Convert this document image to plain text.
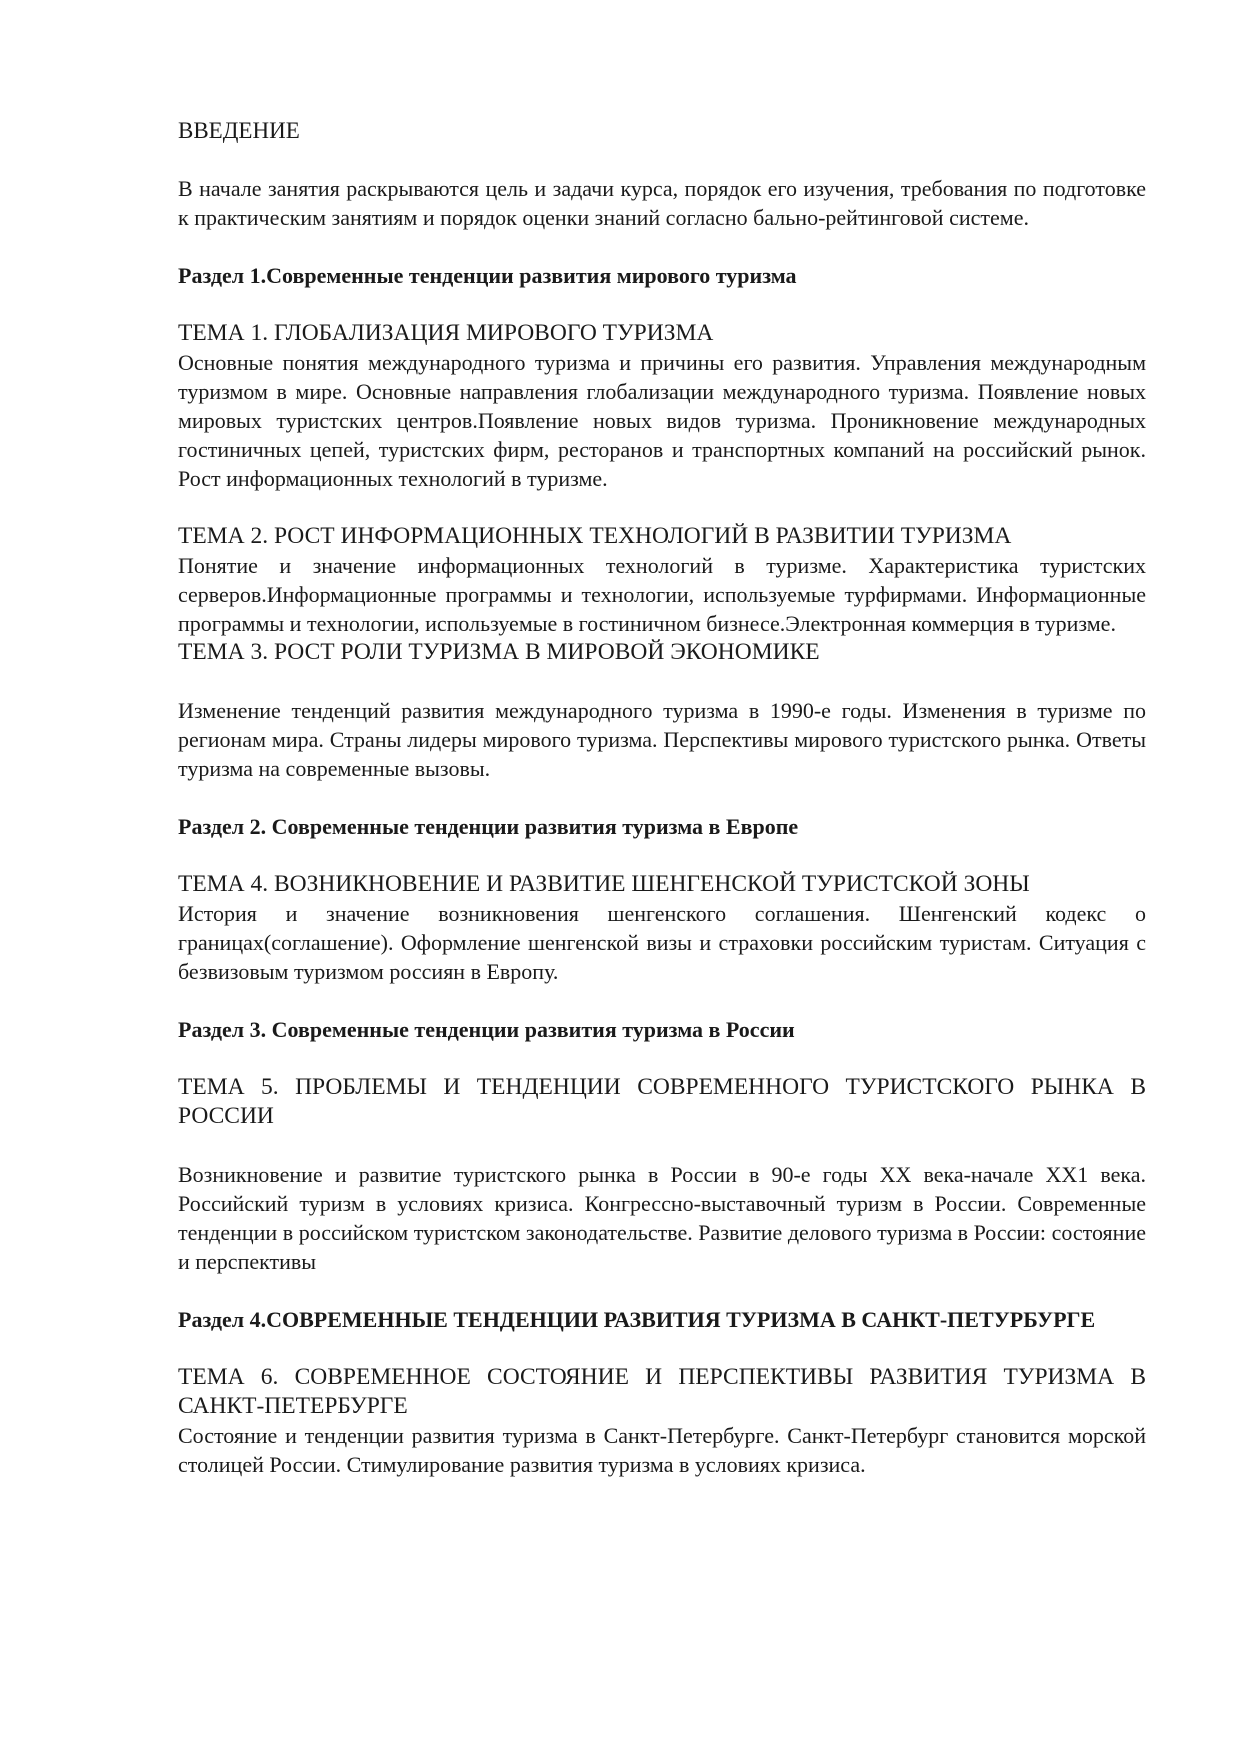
ВВЕДЕНИЕ

В начале занятия раскрываются цель и задачи курса, порядок его изучения, требования по подготовке к практическим занятиям и порядок оценки знаний согласно бально-рейтинговой системе.

Раздел 1.Современные тенденции развития мирового туризма
ТЕМА 1. ГЛОБАЛИЗАЦИЯ МИРОВОГО ТУРИЗМА

Основные понятия международного туризма и причины его развития. Управления международным туризмом в мире. Основные направления глобализации международного туризма. Появление новых мировых туристских центров.Появление новых видов туризма. Проникновение международных гостиничных цепей, туристских фирм, ресторанов и транспортных компаний на российский рынок. Рост информационных технологий в туризме.

ТЕМА 2. РОСТ ИНФОРМАЦИОННЫХ ТЕХНОЛОГИЙ В РАЗВИТИИ ТУРИЗМА

Понятие и значение информационных технологий в туризме. Характеристика туристских серверов.Информационные программы и технологии, используемые турфирмами. Информационные программы и технологии, используемые в гостиничном бизнесе.Электронная коммерция в туризме.

ТЕМА 3. РОСТ РОЛИ ТУРИЗМА В МИРОВОЙ ЭКОНОМИКЕ

Изменение тенденций развития международного туризма в 1990-е годы. Изменения в туризме по регионам мира. Страны лидеры мирового туризма. Перспективы мирового туристского рынка. Ответы туризма на современные вызовы.

Раздел 2. Современные тенденции развития туризма в Европе
ТЕМА 4. ВОЗНИКНОВЕНИЕ И РАЗВИТИЕ ШЕНГЕНСКОЙ ТУРИСТСКОЙ ЗОНЫ

История и значение возникновения шенгенского соглашения. Шенгенский кодекс о границах(соглашение). Оформление шенгенской визы и страховки российским туристам. Ситуация с безвизовым туризмом россиян в Европу.

Раздел 3. Современные тенденции развития туризма в России
ТЕМА 5. ПРОБЛЕМЫ И ТЕНДЕНЦИИ СОВРЕМЕННОГО ТУРИСТСКОГО РЫНКА В РОССИИ

Возникновение и развитие туристского рынка в России в 90-е годы XX века-начале XX1 века. Российский туризм в условиях кризиса. Конгрессно-выставочный туризм в России. Современные тенденции в российском туристском законодательстве. Развитие делового туризма в России: состояние и перспективы

Раздел 4.СОВРЕМЕННЫЕ ТЕНДЕНЦИИ РАЗВИТИЯ ТУРИЗМА В САНКТ-ПЕТУРБУРГЕ
ТЕМА 6. СОВРЕМЕННОЕ СОСТОЯНИЕ И ПЕРСПЕКТИВЫ РАЗВИТИЯ ТУРИЗМА В САНКТ-ПЕТЕРБУРГЕ

Состояние и тенденции развития туризма в Санкт-Петербурге. Санкт-Петербург становится морской столицей России. Стимулирование развития туризма в условиях кризиса.
